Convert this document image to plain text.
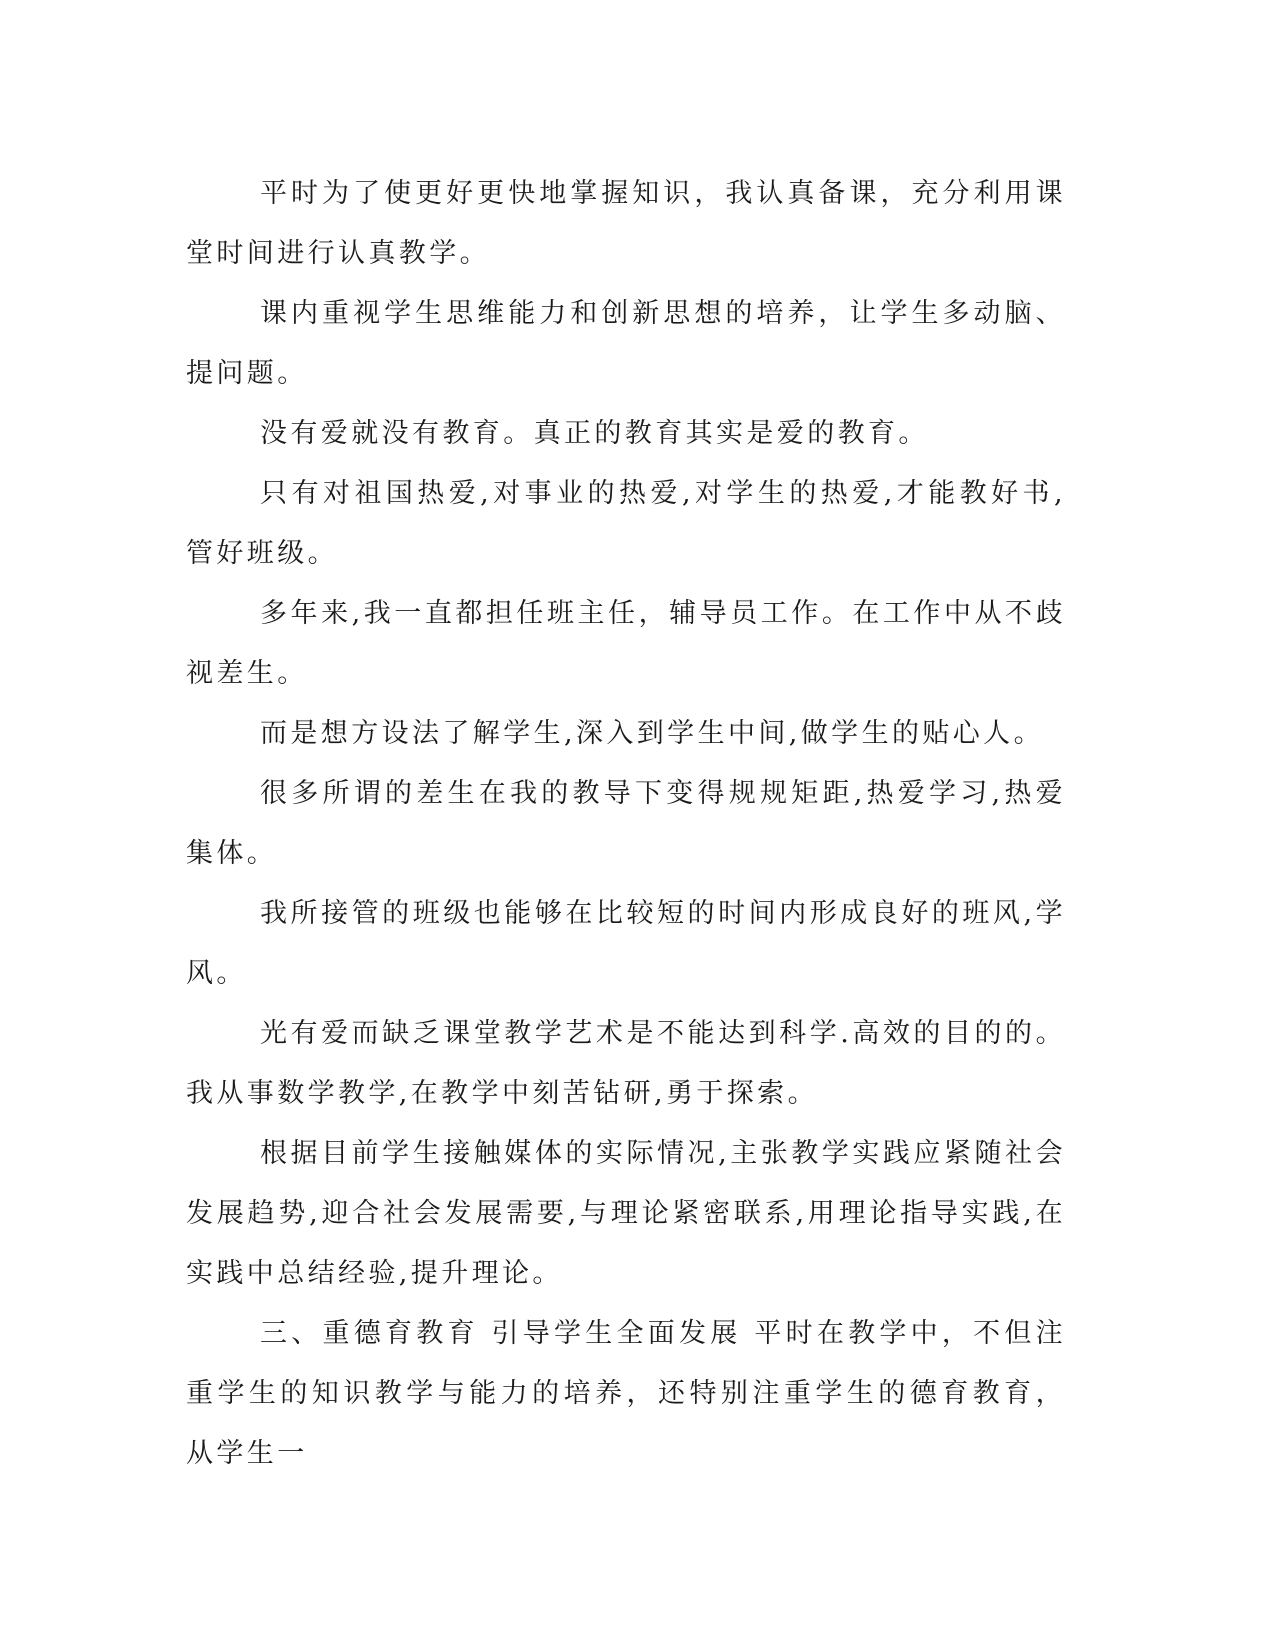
平时为了使更好更快地掌握知识，我认真备课，充分利用课堂时间进行认真教学。

课内重视学生思维能力和创新思想的培养，让学生多动脑、提问题。

没有爱就没有教育。真正的教育其实是爱的教育。

只有对祖国热爱,对事业的热爱,对学生的热爱,才能教好书,管好班级。

多年来,我一直都担任班主任，辅导员工作。在工作中从不歧视差生。

而是想方设法了解学生,深入到学生中间,做学生的贴心人。

很多所谓的差生在我的教导下变得规规矩距,热爱学习,热爱集体。

我所接管的班级也能够在比较短的时间内形成良好的班风,学风。

光有爱而缺乏课堂教学艺术是不能达到科学.高效的目的的。我从事数学教学,在教学中刻苦钻研,勇于探索。

根据目前学生接触媒体的实际情况,主张教学实践应紧随社会发展趋势,迎合社会发展需要,与理论紧密联系,用理论指导实践,在实践中总结经验,提升理论。

三、重德育教育 引导学生全面发展 平时在教学中，不但注重学生的知识教学与能力的培养，还特别注重学生的德育教育，从学生一
